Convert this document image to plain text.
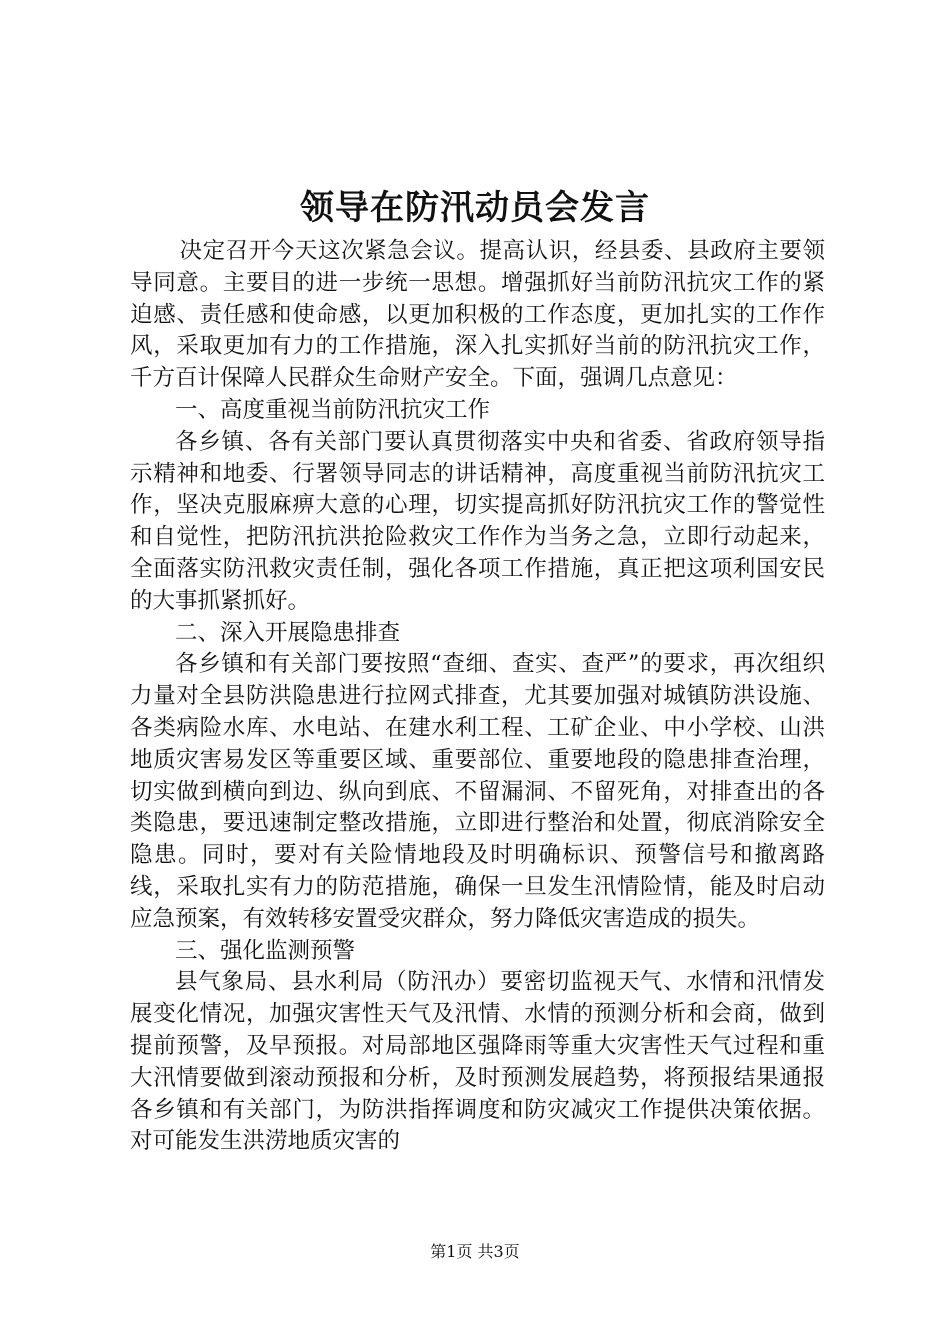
领导在防汛动员会发言

决定召开今天这次紧急会议。提高认识，经县委、县政府主要领导同意。主要目的进一步统一思想。增强抓好当前防汛抗灾工作的紧迫感、责任感和使命感，以更加积极的工作态度，更加扎实的工作作风，采取更加有力的工作措施，深入扎实抓好当前的防汛抗灾工作，千方百计保障人民群众生命财产安全。下面，强调几点意见：

一、高度重视当前防汛抗灾工作

各乡镇、各有关部门要认真贯彻落实中央和省委、省政府领导指示精神和地委、行署领导同志的讲话精神，高度重视当前防汛抗灾工作，坚决克服麻痹大意的心理，切实提高抓好防汛抗灾工作的警觉性和自觉性，把防汛抗洪抢险救灾工作作为当务之急，立即行动起来，全面落实防汛救灾责任制，强化各项工作措施，真正把这项利国安民的大事抓紧抓好。

二、深入开展隐患排查

各乡镇和有关部门要按照“查细、查实、查严”的要求，再次组织力量对全县防洪隐患进行拉网式排查，尤其要加强对城镇防洪设施、各类病险水库、水电站、在建水利工程、工矿企业、中小学校、山洪地质灾害易发区等重要区域、重要部位、重要地段的隐患排查治理，切实做到横向到边、纵向到底、不留漏洞、不留死角，对排查出的各类隐患，要迅速制定整改措施，立即进行整治和处置，彻底消除安全隐患。同时，要对有关险情地段及时明确标识、预警信号和撤离路线，采取扎实有力的防范措施，确保一旦发生汛情险情，能及时启动应急预案，有效转移安置受灾群众，努力降低灾害造成的损失。

三、强化监测预警

县气象局、县水利局（防汛办）要密切监视天气、水情和汛情发展变化情况，加强灾害性天气及汛情、水情的预测分析和会商，做到提前预警，及早预报。对局部地区强降雨等重大灾害性天气过程和重大汛情要做到滚动预报和分析，及时预测发展趋势，将预报结果通报各乡镇和有关部门，为防洪指挥调度和防灾减灾工作提供决策依据。对可能发生洪涝地质灾害的

第1页 共3页
